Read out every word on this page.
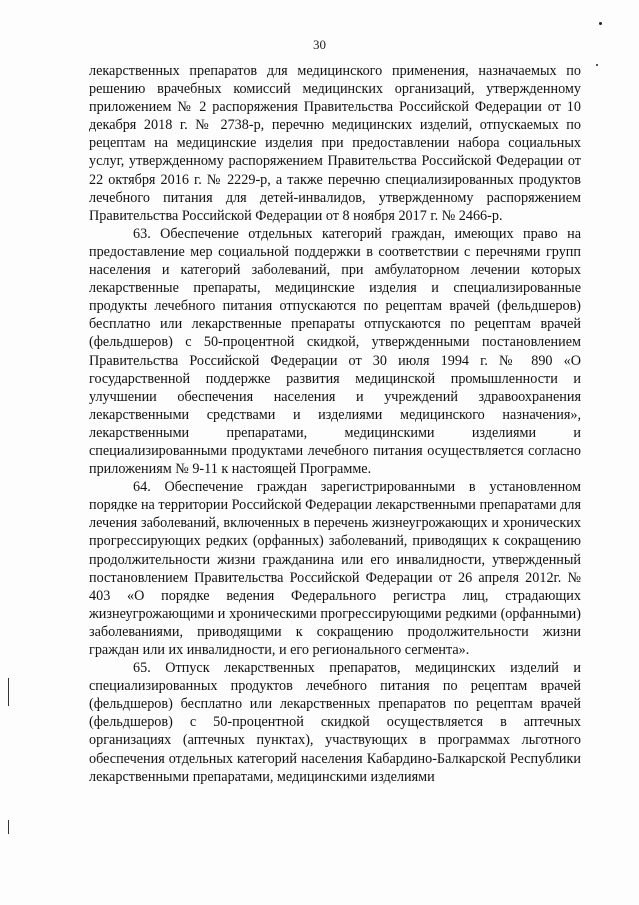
30

лекарственных препаратов для медицинского применения, назначаемых по решению врачебных комиссий медицинских организаций, утвержденному приложением № 2 распоряжения Правительства Российской Федерации от 10 декабря 2018 г. № 2738-р, перечню медицинских изделий, отпускаемых по рецептам на медицинские изделия при предоставлении набора социальных услуг, утвержденному распоряжением Правительства Российской Федерации от 22 октября 2016 г. № 2229-р, а также перечню специализированных продуктов лечебного питания для детей-инвалидов, утвержденному распоряжением Правительства Российской Федерации от 8 ноября 2017 г. № 2466-р.

63. Обеспечение отдельных категорий граждан, имеющих право на предоставление мер социальной поддержки в соответствии с перечнями групп населения и категорий заболеваний, при амбулаторном лечении которых лекарственные препараты, медицинские изделия и специализированные продукты лечебного питания отпускаются по рецептам врачей (фельдшеров) бесплатно или лекарственные препараты отпускаются по рецептам врачей (фельдшеров) с 50-процентной скидкой, утвержденными постановлением Правительства Российской Федерации от 30 июля 1994 г. № 890 «О государственной поддержке развития медицинской промышленности и улучшении обеспечения населения и учреждений здравоохранения лекарственными средствами и изделиями медицинского назначения», лекарственными препаратами, медицинскими изделиями и специализированными продуктами лечебного питания осуществляется согласно приложениям № 9-11 к настоящей Программе.

64. Обеспечение граждан зарегистрированными в установленном порядке на территории Российской Федерации лекарственными препаратами для лечения заболеваний, включенных в перечень жизнеугрожающих и хронических прогрессирующих редких (орфанных) заболеваний, приводящих к сокращению продолжительности жизни гражданина или его инвалидности, утвержденный постановлением Правительства Российской Федерации от 26 апреля 2012г. № 403 «О порядке ведения Федерального регистра лиц, страдающих жизнеугрожающими и хроническими прогрессирующими редкими (орфанными) заболеваниями, приводящими к сокращению продолжительности жизни граждан или их инвалидности, и его регионального сегмента».

65. Отпуск лекарственных препаратов, медицинских изделий и специализированных продуктов лечебного питания по рецептам врачей (фельдшеров) бесплатно или лекарственных препаратов по рецептам врачей (фельдшеров) с 50-процентной скидкой осуществляется в аптечных организациях (аптечных пунктах), участвующих в программах льготного обеспечения отдельных категорий населения Кабардино-Балкарской Республики лекарственными препаратами, медицинскими изделиями
